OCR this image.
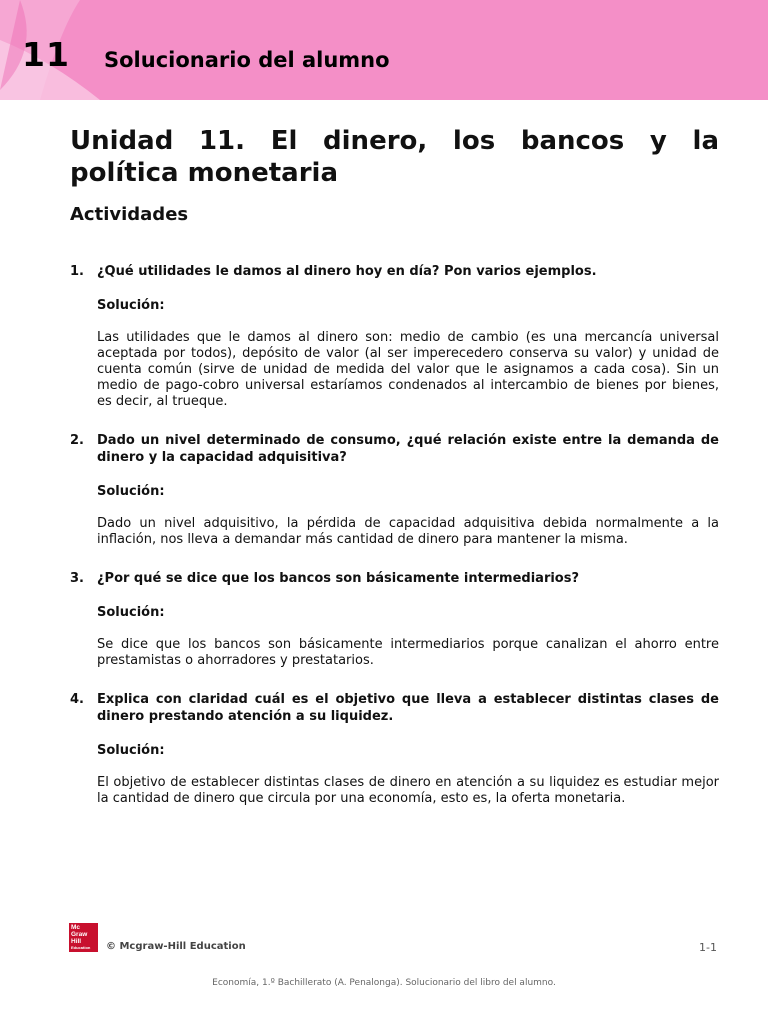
11 Solucionario del alumno
Unidad 11. El dinero, los bancos y la política monetaria
Actividades
1. ¿Qué utilidades le damos al dinero hoy en día? Pon varios ejemplos.
Solución:
Las utilidades que le damos al dinero son: medio de cambio (es una mercancía universal aceptada por todos), depósito de valor (al ser imperecedero conserva su valor) y unidad de cuenta común (sirve de unidad de medida del valor que le asignamos a cada cosa). Sin un medio de pago-cobro universal estaríamos condenados al intercambio de bienes por bienes, es decir, al trueque.
2. Dado un nivel determinado de consumo, ¿qué relación existe entre la demanda de dinero y la capacidad adquisitiva?
Solución:
Dado un nivel adquisitivo, la pérdida de capacidad adquisitiva debida normalmente a la inflación, nos lleva a demandar más cantidad de dinero para mantener la misma.
3. ¿Por qué se dice que los bancos son básicamente intermediarios?
Solución:
Se dice que los bancos son básicamente intermediarios porque canalizan el ahorro entre prestamistas o ahorradores y prestatarios.
4. Explica con claridad cuál es el objetivo que lleva a establecer distintas clases de dinero prestando atención a su liquidez.
Solución:
El objetivo de establecer distintas clases de dinero en atención a su liquidez es estudiar mejor la cantidad de dinero que circula por una economía, esto es, la oferta monetaria.
Mc
Graw
Hill
Education	© Mcgraw-Hill Education	1-1
Economía, 1.º Bachillerato (A. Penalonga). Solucionario del libro del alumno.
